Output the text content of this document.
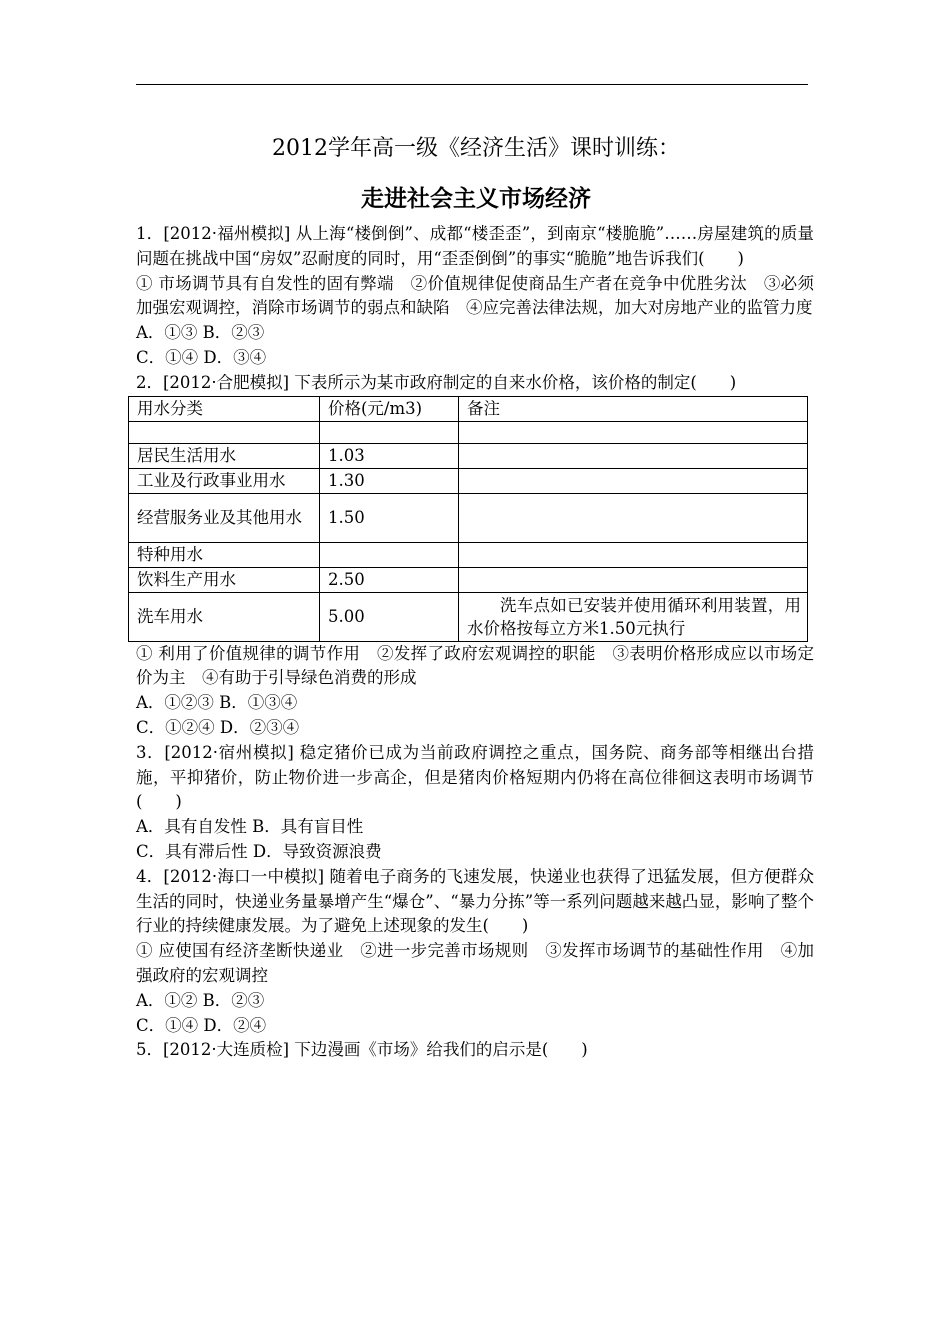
2012学年高一级《经济生活》课时训练：
走进社会主义市场经济

1．[2012·福州模拟] 从上海“楼倒倒”、成都“楼歪歪”，到南京“楼脆脆”……房屋建筑的质量问题在挑战中国“房奴”忍耐度的同时，用“歪歪倒倒”的事实“脆脆”地告诉我们(　　)

① 市场调节具有自发性的固有弊端　②价值规律促使商品生产者在竞争中优胜劣汰　③必须加强宏观调控，消除市场调节的弱点和缺陷　④应完善法律法规，加大对房地产业的监管力度

A．①③ B．②③

C．①④ D．③④

2．[2012·合肥模拟] 下表所示为某市政府制定的自来水价格，该价格的制定(　　)

用水分类	价格(元/m3)	备注

居民生活用水	1.03	
工业及行政事业用水	1.30	
经营服务业及其他用水	1.50	
特种用水		
饮料生产用水	2.50	
洗车用水	5.00	洗车点如已安装并使用循环利用装置，用水价格按每立方米1.50元执行

① 利用了价值规律的调节作用　②发挥了政府宏观调控的职能　③表明价格形成应以市场定价为主　④有助于引导绿色消费的形成

A．①②③ B．①③④

C．①②④ D．②③④

3．[2012·宿州模拟] 稳定猪价已成为当前政府调控之重点，国务院、商务部等相继出台措施，平抑猪价，防止物价进一步高企，但是猪肉价格短期内仍将在高位徘徊这表明市场调节(　　)

A．具有自发性 B．具有盲目性

C．具有滞后性 D．导致资源浪费

4．[2012·海口一中模拟] 随着电子商务的飞速发展，快递业也获得了迅猛发展，但方便群众生活的同时，快递业务量暴增产生“爆仓”、“暴力分拣”等一系列问题越来越凸显，影响了整个行业的持续健康发展。为了避免上述现象的发生(　　)

① 应使国有经济垄断快递业　②进一步完善市场规则　③发挥市场调节的基础性作用　④加强政府的宏观调控

A．①② B．②③

C．①④ D．②④

5．[2012·大连质检] 下边漫画《市场》给我们的启示是(　　)
